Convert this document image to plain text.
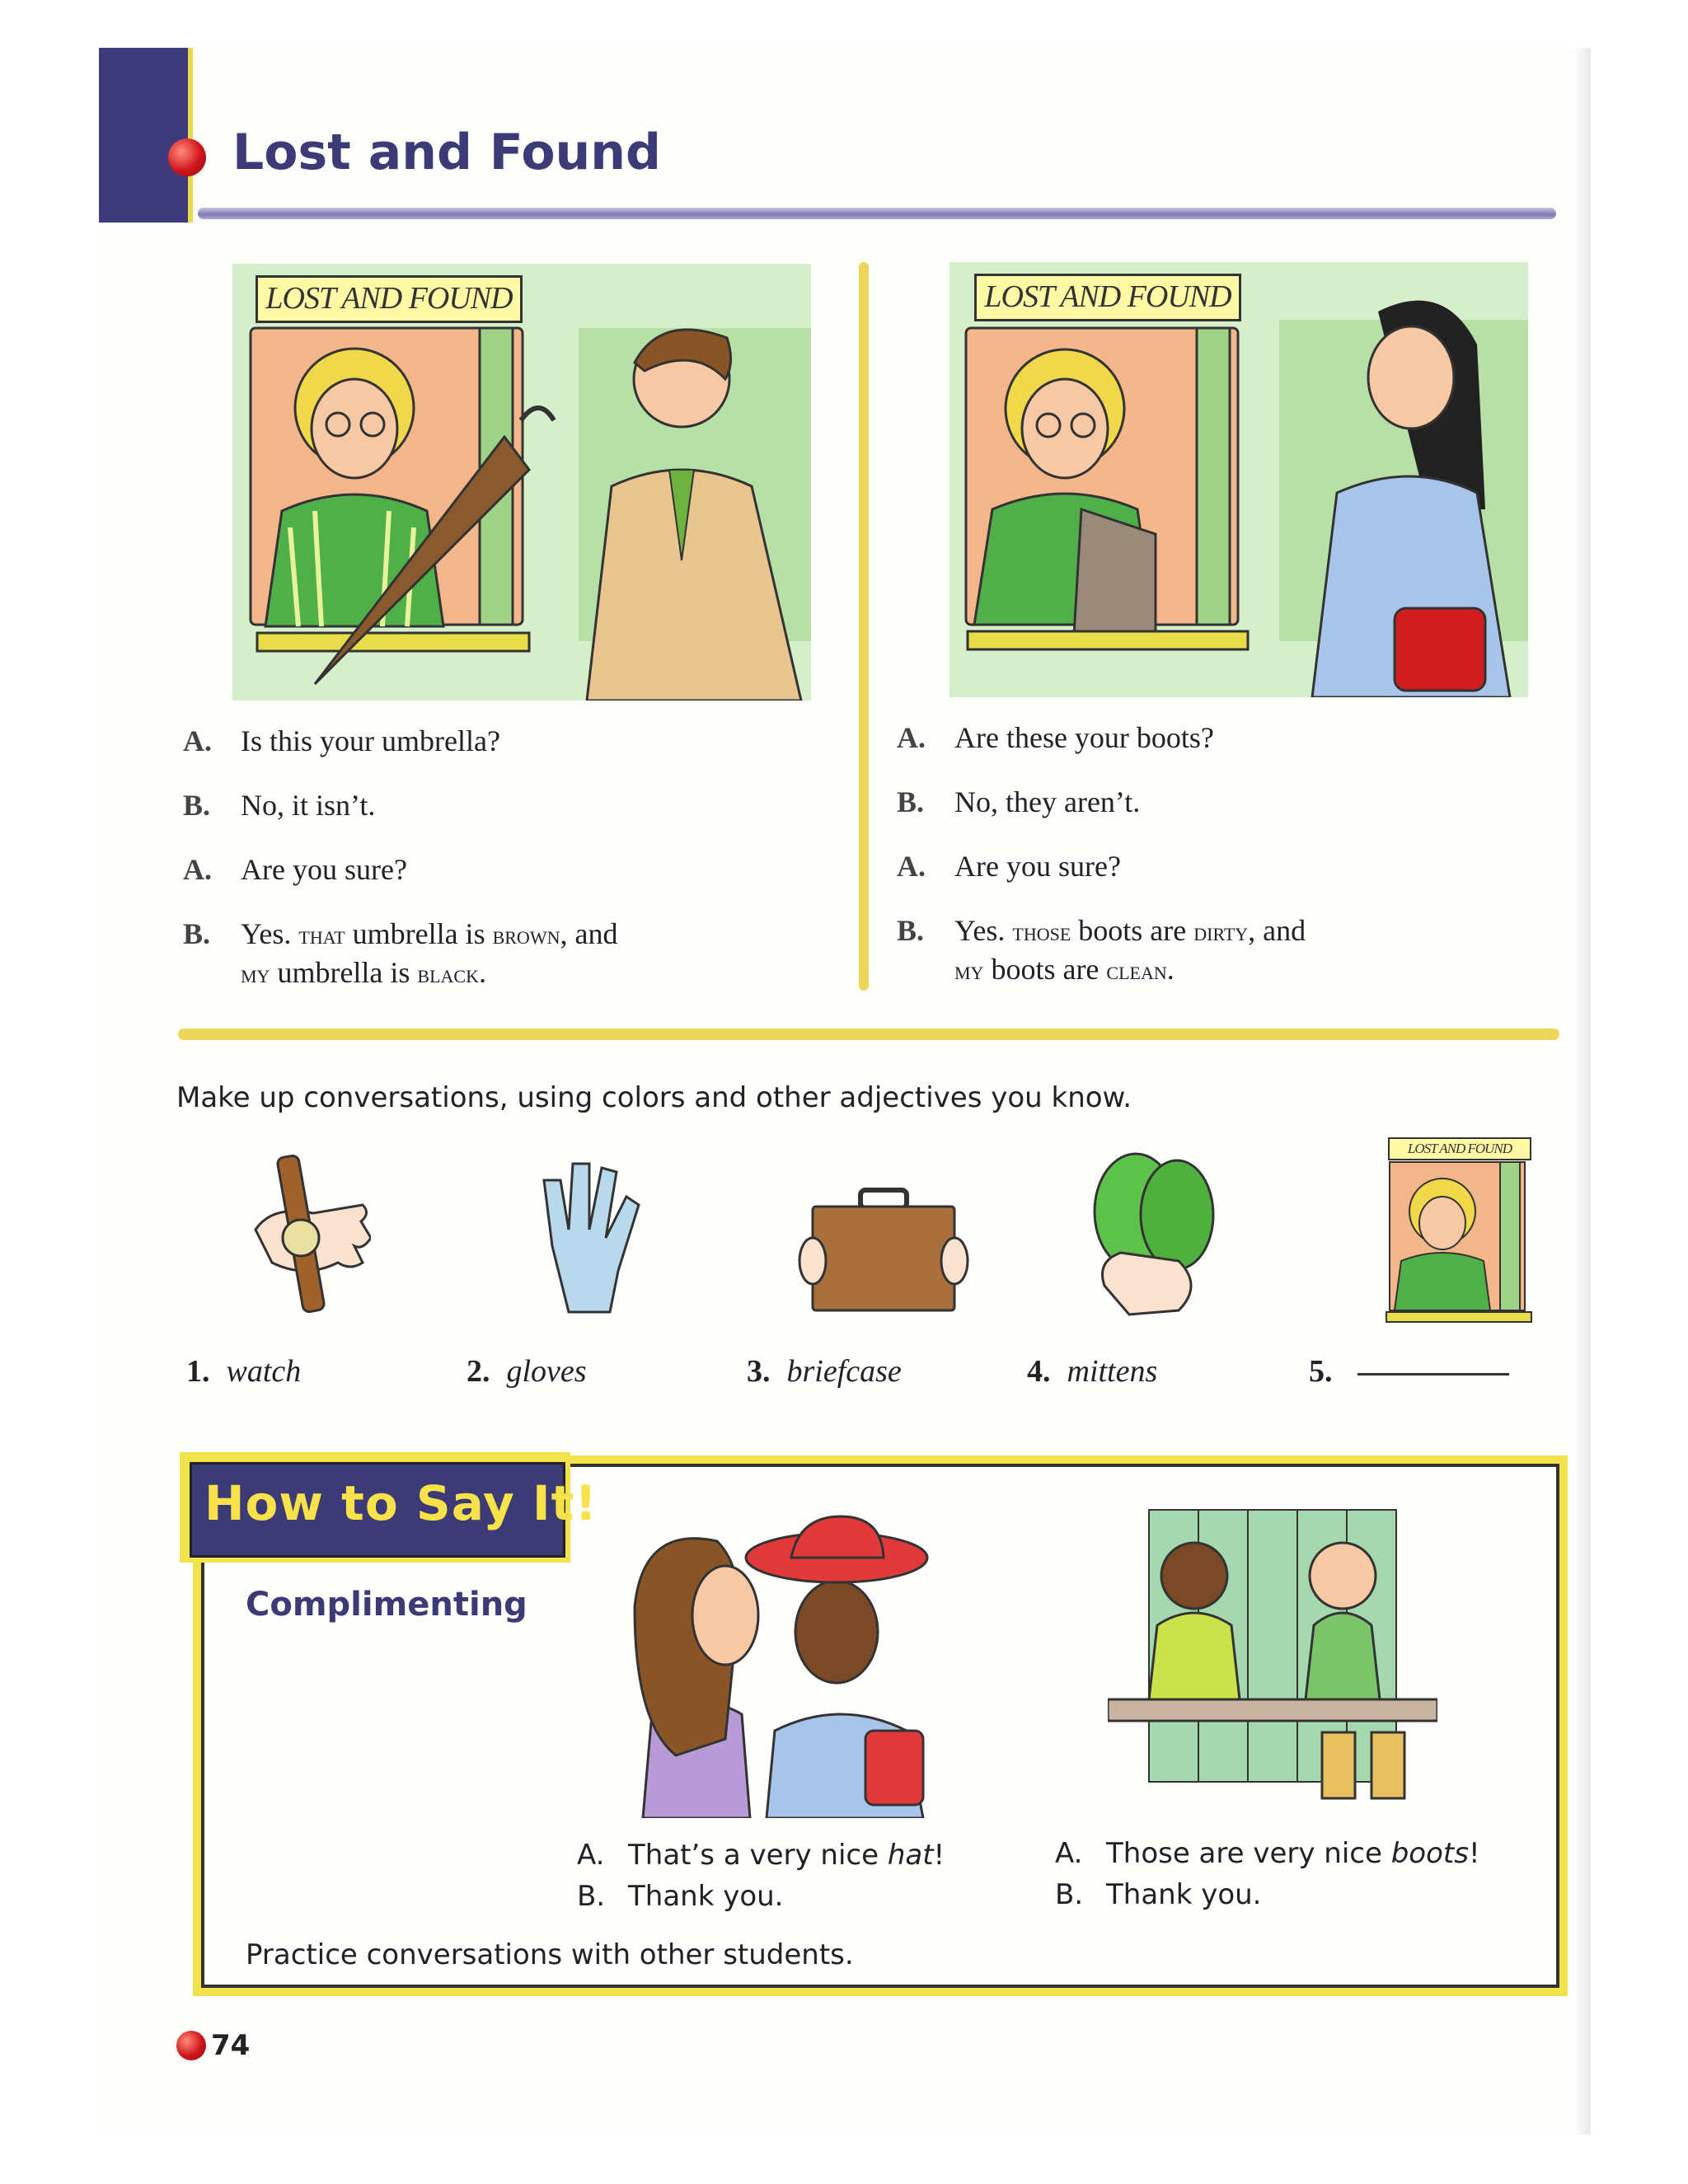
Lost and Found
LOST AND FOUND	LOST AND FOUND
A. Is this your umbrella?
B. No, it isn’t.
A. Are you sure?
B. Yes. that umbrella is brown, and
my umbrella is black.
A. Are these your boots?
B. No, they aren’t.
A. Are you sure?
B. Yes. those boots are dirty, and
my boots are clean.
Make up conversations, using colors and other adjectives you know.
LOST AND FOUND
1. watch	2. gloves	3. briefcase	4. mittens	5.
How to Say It!
Complimenting
A. That’s a very nice hat!
B. Thank you.
A. Those are very nice boots!
B. Thank you.
Practice conversations with other students.
74
